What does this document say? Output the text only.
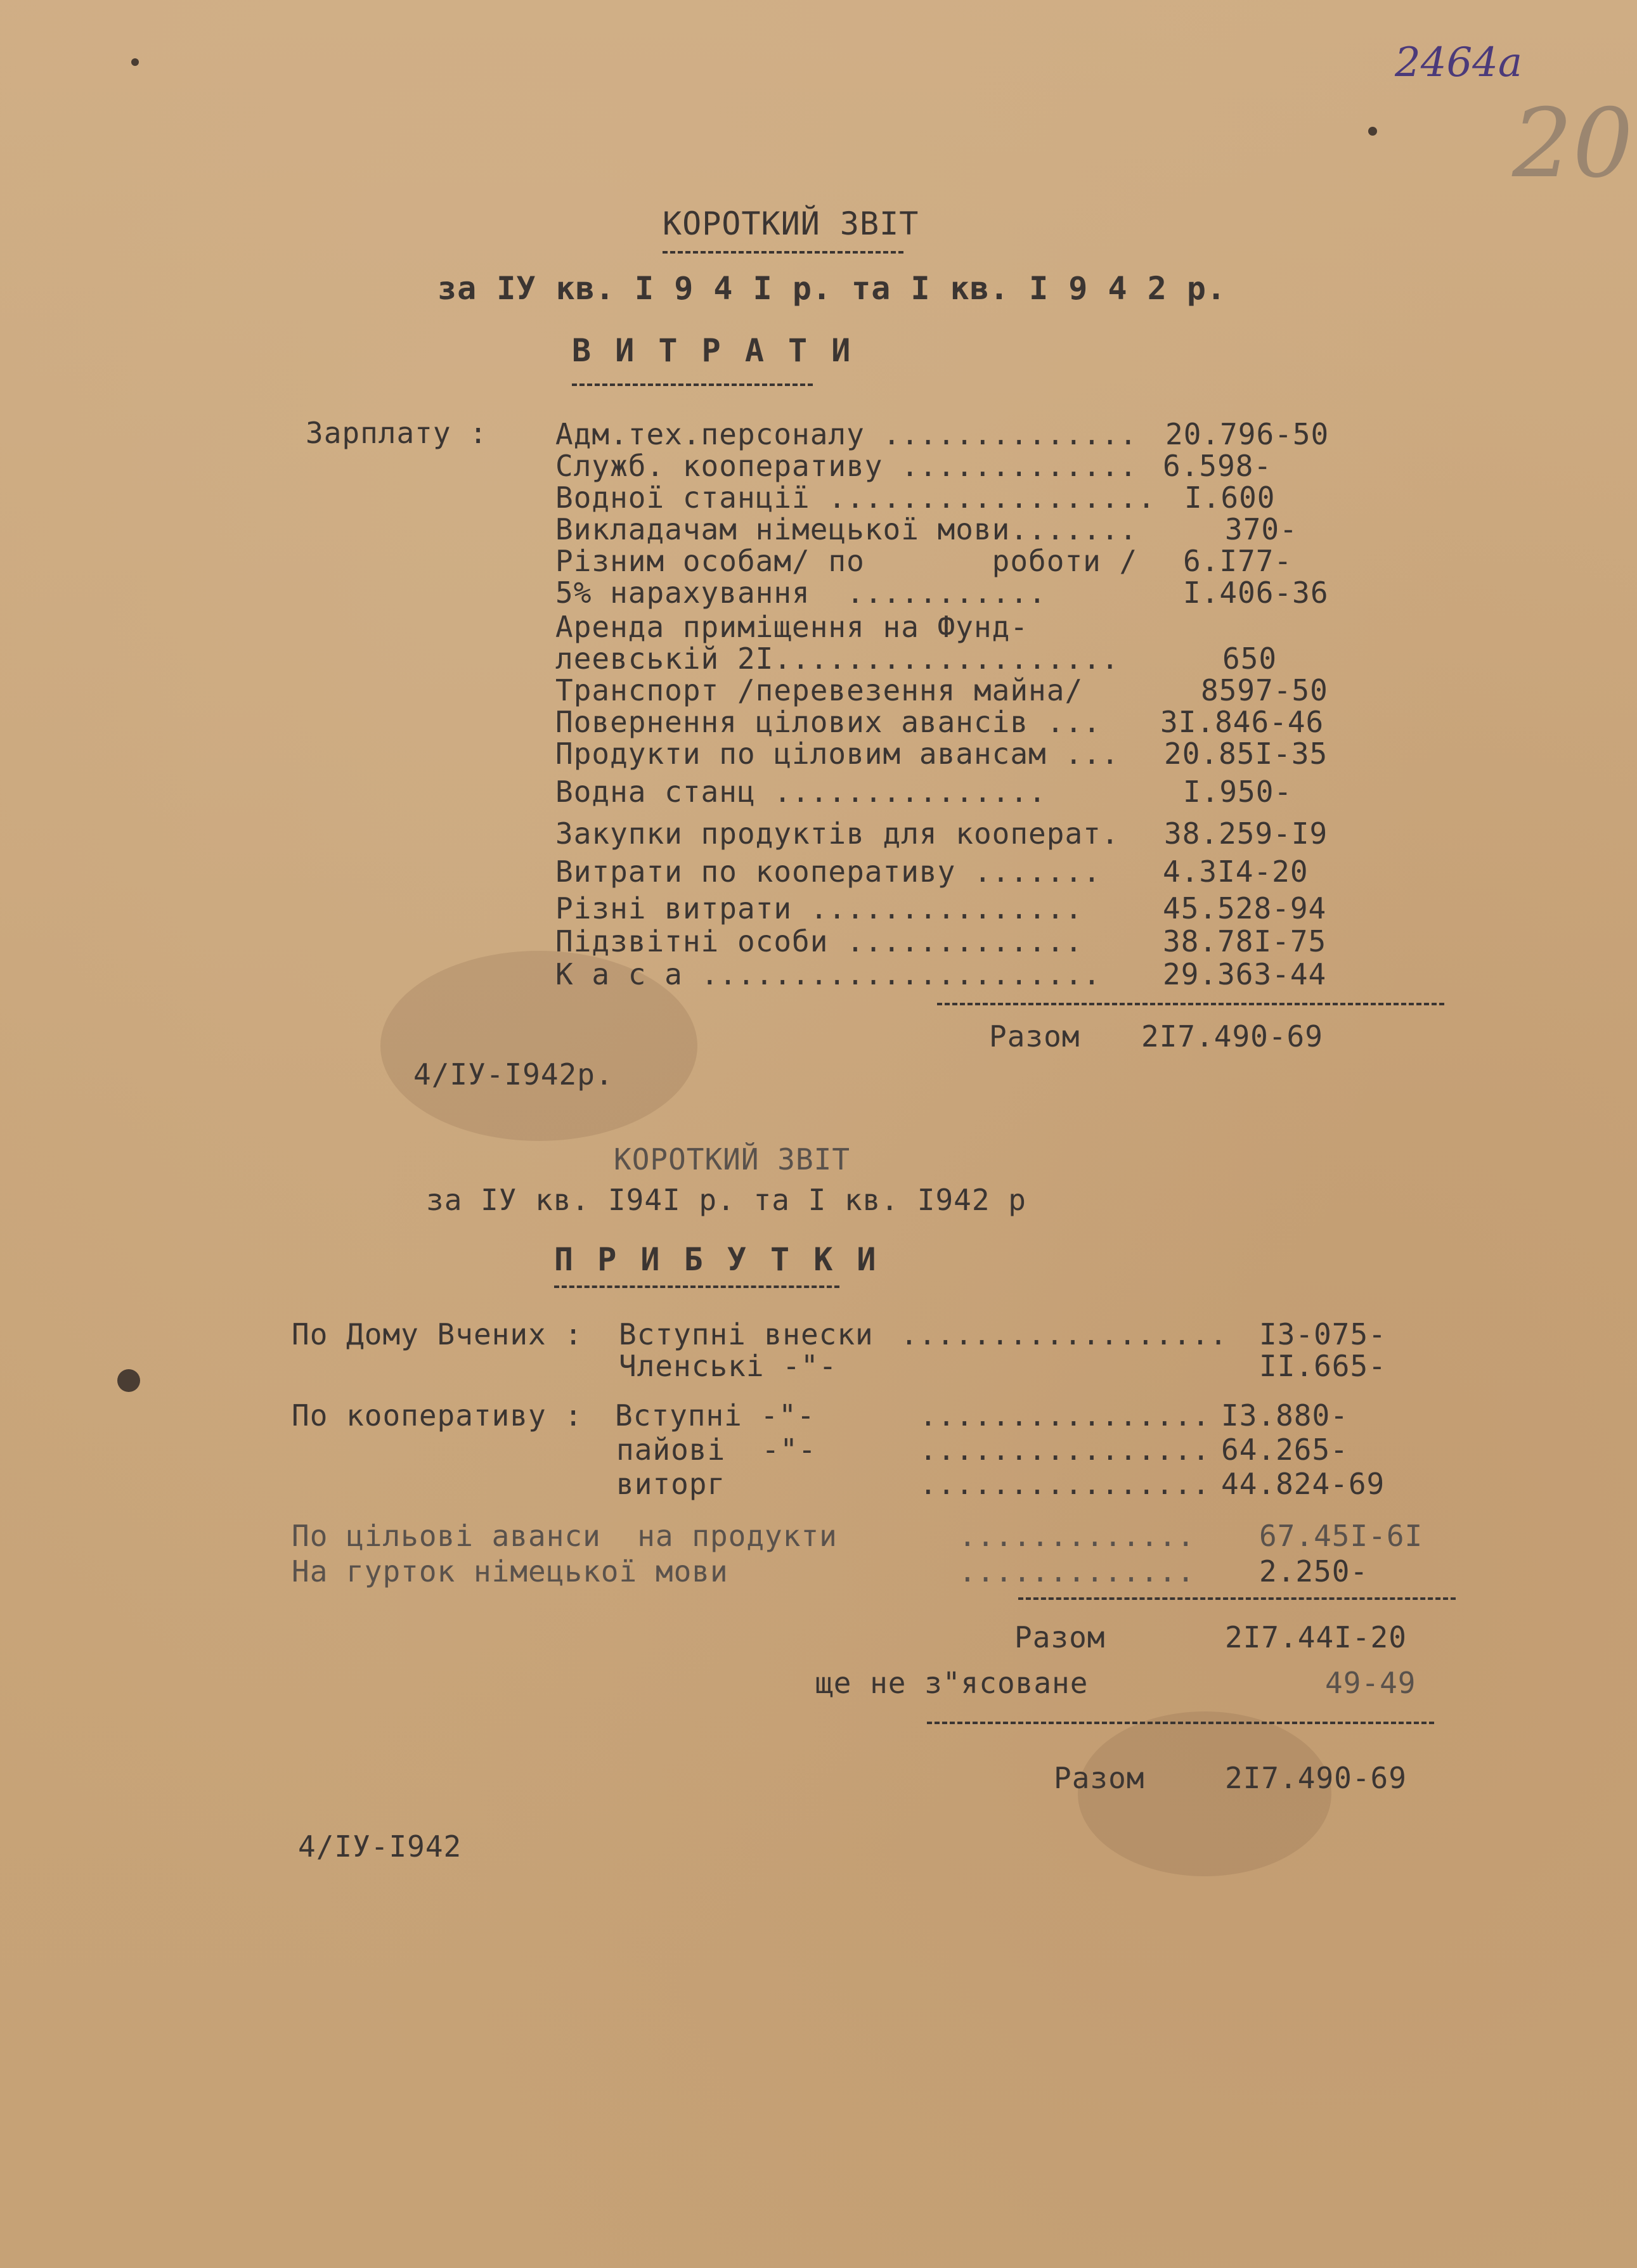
2464а
20
КОРОТКИЙ ЗВІТ
за ІУ кв. І 9 4 І р. та І кв. І 9 4 2 р.
В И Т Р А Т И
Зарплату : Адм.тех.персоналу .............. 20.796-50
Служб. кооперативу ............. 6.598-
Водної станції .................. І.600
Викладачам німецької мови.......	370-
Різним особам/ по       роботи / 6.І77-
5% нарахування  ...........	І.406-36
Аренда приміщення на Фунд-
леевській 2І...................	650
Транспорт /перевезення майна/	8597-50
Повернення цілових авансів ... 3І.846-46
Продукти по ціловим авансам ... 20.85І-35
Водна станц ...............	І.950-
Закупки продуктів для кооперат. 38.259-І9
Витрати по кооперативу ....... 4.3І4-20
Різні витрати ...............	45.528-94
Підзвітні особи .............	38.78І-75
К а с а ...................... 29.363-44
Разом 2І7.490-69
4/ІУ-І942р.
КОРОТКИЙ ЗВІТ
за ІУ кв. І94І р. та І кв. І942 р
П Р И Б У Т К И
По Дому Вчених : Вступні внески .................. І3-075-
Членські -"-	ІІ.665-
По кооперативу : Вступні -"-	................ І3.880-
пайові  -"-	................ 64.265-
виторг	................ 44.824-69
По цільові аванси  на продукти	............. 67.45І-6І
На гурток німецької мови	............. 2.250-
Разом	2І7.44І-20
ще не з"ясоване	49-49
Разом	2І7.490-69
4/ІУ-І942
